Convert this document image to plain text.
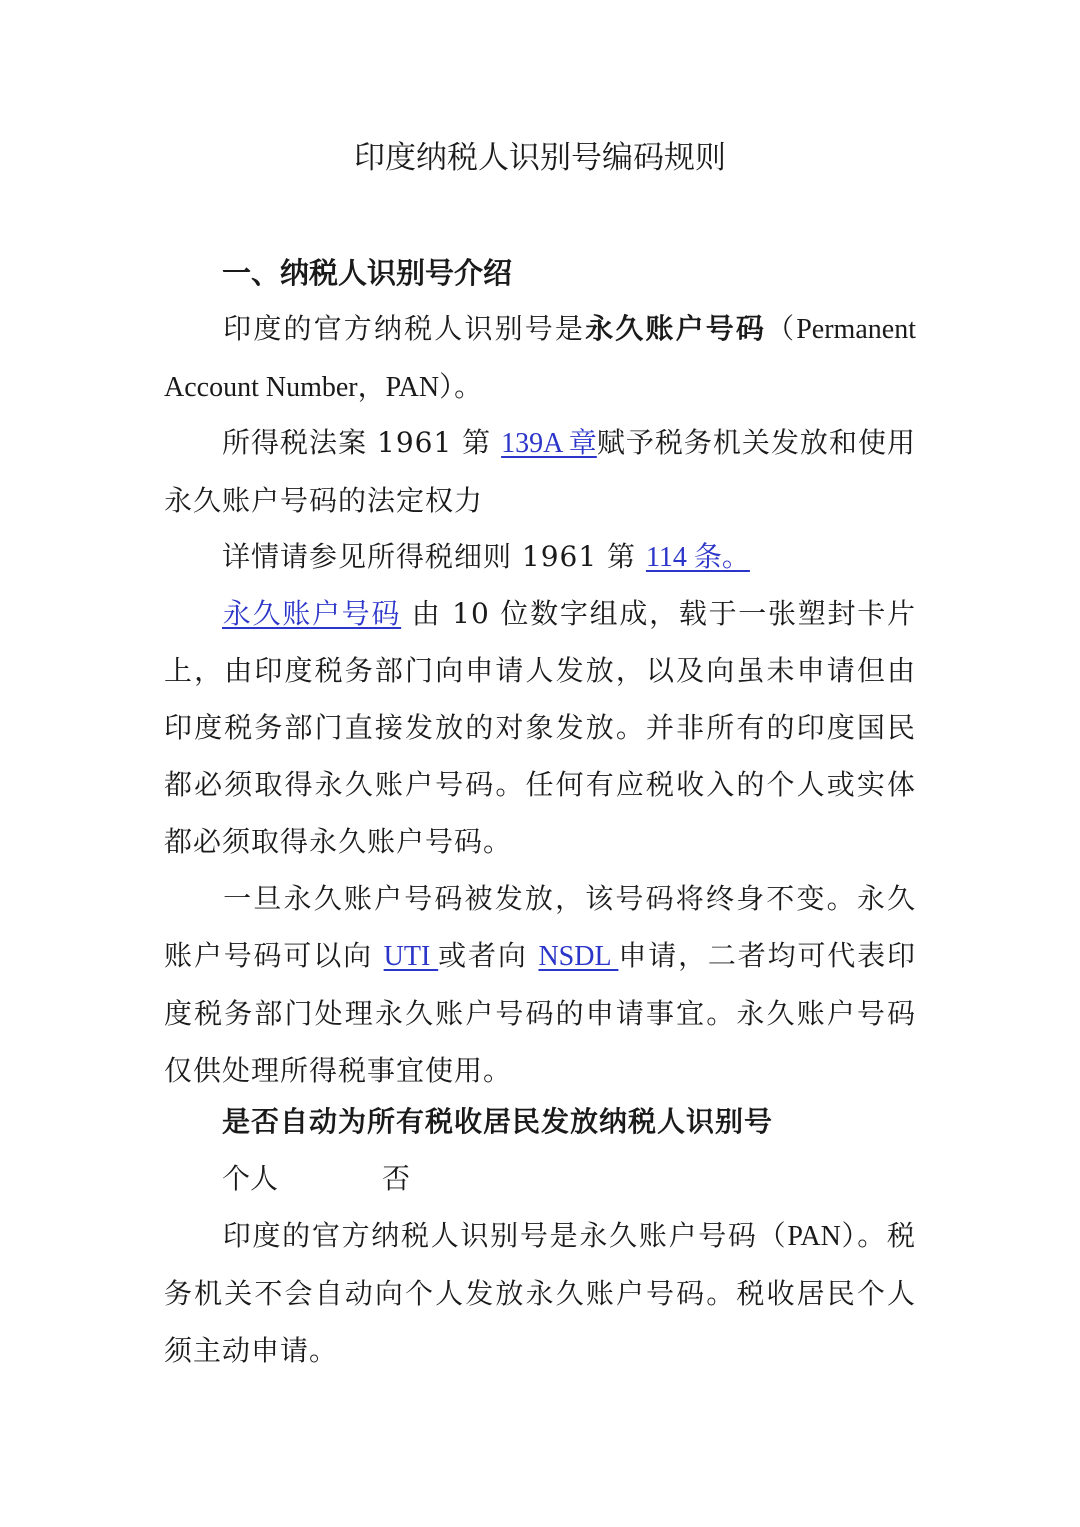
印度纳税人识别号编码规则
一、纳税人识别号介绍

印度的官方纳税人识别号是永久账户号码（Permanent Account Number，PAN）。

所得税法案 1961 第 139A 章赋予税务机关发放和使用永久账户号码的法定权力

详情请参见所得税细则 1961 第 114 条。

永久账户号码 由 10 位数字组成，载于一张塑封卡片上，由印度税务部门向申请人发放，以及向虽未申请但由印度税务部门直接发放的对象发放。并非所有的印度国民都必须取得永久账户号码。任何有应税收入的个人或实体都必须取得永久账户号码。

一旦永久账户号码被发放，该号码将终身不变。永久账户号码可以向 UTI 或者向 NSDL 申请，二者均可代表印度税务部门处理永久账户号码的申请事宜。永久账户号码仅供处理所得税事宜使用。

是否自动为所有税收居民发放纳税人识别号

个人	否

印度的官方纳税人识别号是永久账户号码（PAN）。税务机关不会自动向个人发放永久账户号码。税收居民个人须主动申请。
